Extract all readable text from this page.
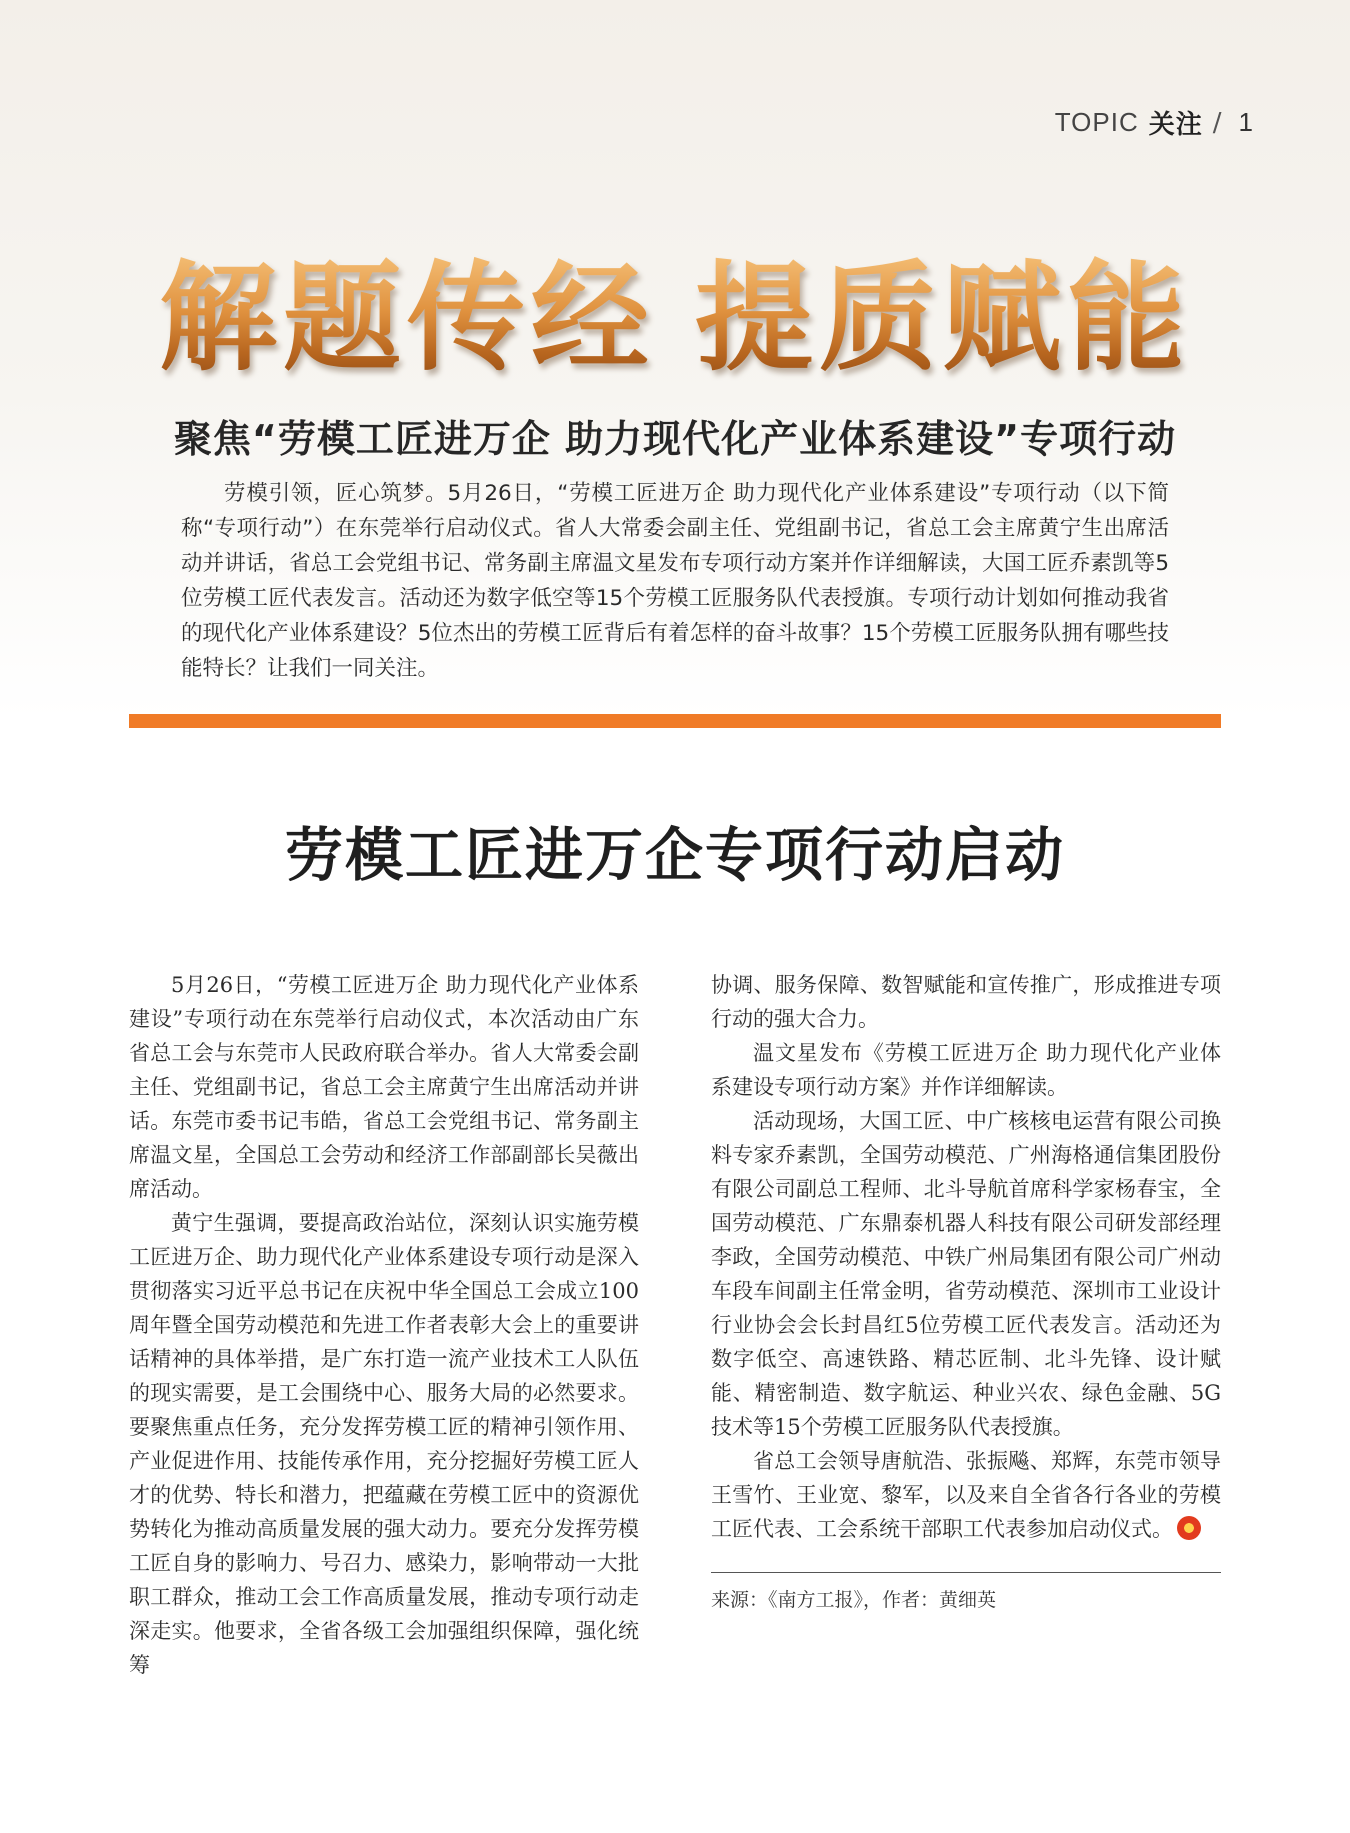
TOPIC 关注 / 1
解题传经 提质赋能
聚焦“劳模工匠进万企 助力现代化产业体系建设”专项行动
劳模引领，匠心筑梦。5月26日，“劳模工匠进万企 助力现代化产业体系建设”专项行动（以下简称“专项行动”）在东莞举行启动仪式。省人大常委会副主任、党组副书记，省总工会主席黄宁生出席活动并讲话，省总工会党组书记、常务副主席温文星发布专项行动方案并作详细解读，大国工匠乔素凯等5位劳模工匠代表发言。活动还为数字低空等15个劳模工匠服务队代表授旗。专项行动计划如何推动我省的现代化产业体系建设？5位杰出的劳模工匠背后有着怎样的奋斗故事？15个劳模工匠服务队拥有哪些技能特长？让我们一同关注。
劳模工匠进万企专项行动启动

5月26日，“劳模工匠进万企 助力现代化产业体系建设”专项行动在东莞举行启动仪式，本次活动由广东省总工会与东莞市人民政府联合举办。省人大常委会副主任、党组副书记，省总工会主席黄宁生出席活动并讲话。东莞市委书记韦皓，省总工会党组书记、常务副主席温文星，全国总工会劳动和经济工作部副部长吴薇出席活动。

黄宁生强调，要提高政治站位，深刻认识实施劳模工匠进万企、助力现代化产业体系建设专项行动是深入贯彻落实习近平总书记在庆祝中华全国总工会成立100周年暨全国劳动模范和先进工作者表彰大会上的重要讲话精神的具体举措，是广东打造一流产业技术工人队伍的现实需要，是工会围绕中心、服务大局的必然要求。要聚焦重点任务，充分发挥劳模工匠的精神引领作用、产业促进作用、技能传承作用，充分挖掘好劳模工匠人才的优势、特长和潜力，把蕴藏在劳模工匠中的资源优势转化为推动高质量发展的强大动力。要充分发挥劳模工匠自身的影响力、号召力、感染力，影响带动一大批职工群众，推动工会工作高质量发展，推动专项行动走深走实。他要求，全省各级工会加强组织保障，强化统筹

协调、服务保障、数智赋能和宣传推广，形成推进专项行动的强大合力。

温文星发布《劳模工匠进万企 助力现代化产业体系建设专项行动方案》并作详细解读。

活动现场，大国工匠、中广核核电运营有限公司换料专家乔素凯，全国劳动模范、广州海格通信集团股份有限公司副总工程师、北斗导航首席科学家杨春宝，全国劳动模范、广东鼎泰机器人科技有限公司研发部经理李政，全国劳动模范、中铁广州局集团有限公司广州动车段车间副主任常金明，省劳动模范、深圳市工业设计行业协会会长封昌红5位劳模工匠代表发言。活动还为数字低空、高速铁路、精芯匠制、北斗先锋、设计赋能、精密制造、数字航运、种业兴农、绿色金融、5G技术等15个劳模工匠服务队代表授旗。

省总工会领导唐航浩、张振飚、郑辉，东莞市领导王雪竹、王业宽、黎军，以及来自全省各行各业的劳模工匠代表、工会系统干部职工代表参加启动仪式。

来源：《南方工报》，作者：黄细英
